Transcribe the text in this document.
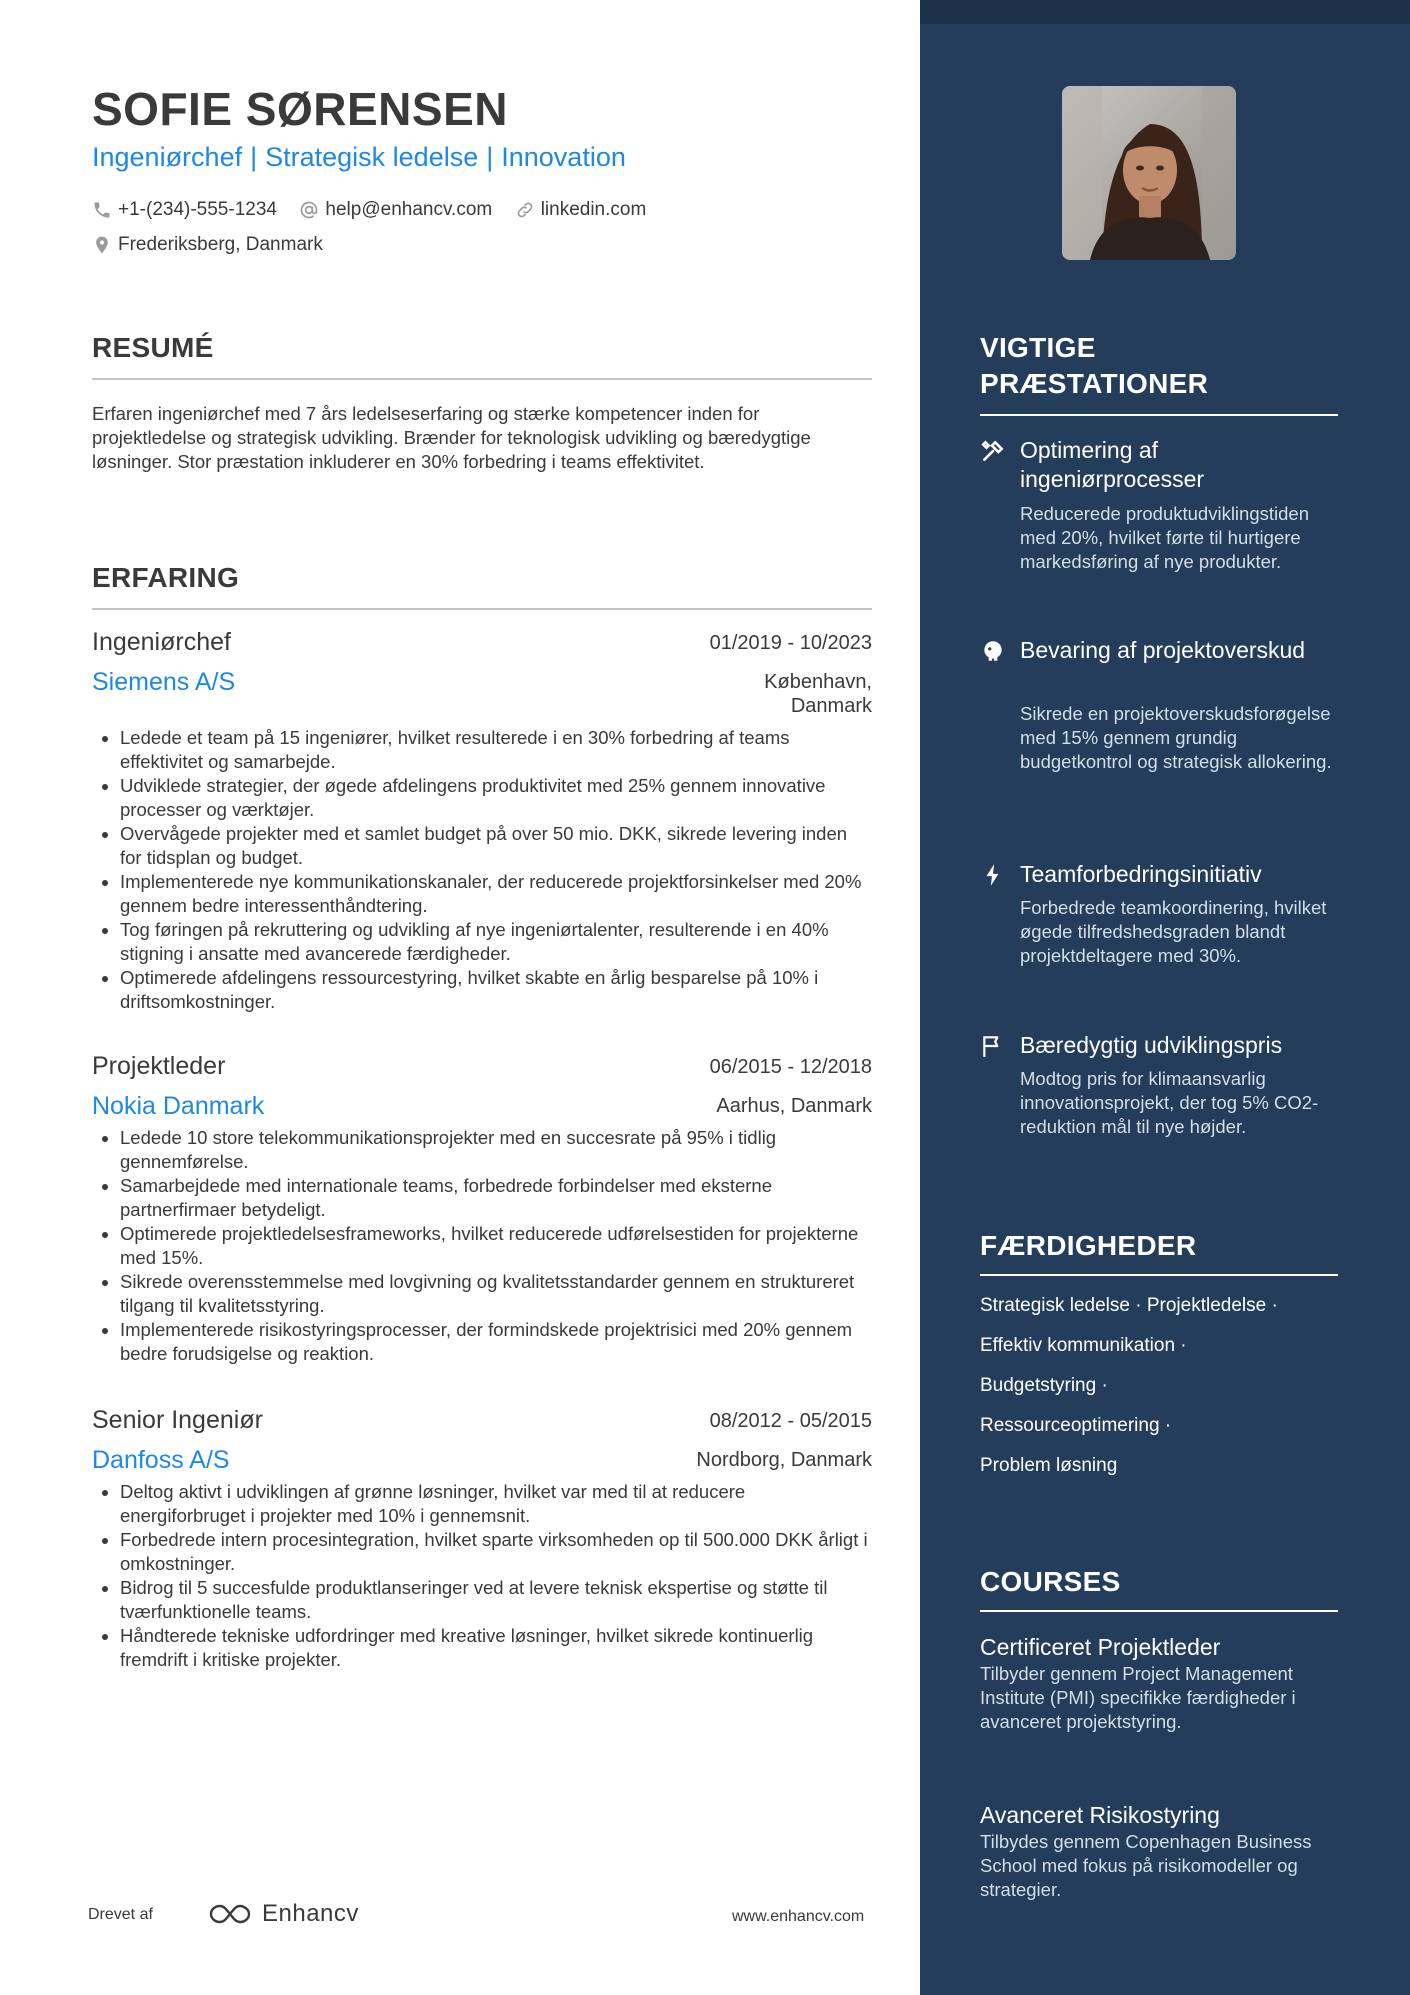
SOFIE SØRENSEN
Ingeniørchef | Strategisk ledelse | Innovation
+1-(234)-555-1234
	help@enhancv.com
	linkedin.com
Frederiksberg, Danmark
RESUMÉ

Erfaren ingeniørchef med 7 års ledelseserfaring og stærke kompetencer inden for projektledelse og strategisk udvikling. Brænder for teknologisk udvikling og bæredygtige løsninger. Stor præstation inkluderer en 30% forbedring i teams effektivitet.

ERFARING
Ingeniørchef	01/2019 - 10/2023
Siemens A/S	København,
Danmark
• Ledede et team på 15 ingeniører, hvilket resulterede i en 30% forbedring af teams effektivitet og samarbejde.
• Udviklede strategier, der øgede afdelingens produktivitet med 25% gennem innovative processer og værktøjer.
• Overvågede projekter med et samlet budget på over 50 mio. DKK, sikrede levering inden for tidsplan og budget.
• Implementerede nye kommunikationskanaler, der reducerede projektforsinkelser med 20% gennem bedre interessenthåndtering.
• Tog føringen på rekruttering og udvikling af nye ingeniørtalenter, resulterende i en 40% stigning i ansatte med avancerede færdigheder.
• Optimerede afdelingens ressourcestyring, hvilket skabte en årlig besparelse på 10% i driftsomkostninger.
Projektleder	06/2015 - 12/2018
Nokia Danmark	Aarhus, Danmark
• Ledede 10 store telekommunikationsprojekter med en succesrate på 95% i tidlig gennemførelse.
• Samarbejdede med internationale teams, forbedrede forbindelser med eksterne partnerfirmaer betydeligt.
• Optimerede projektledelsesframeworks, hvilket reducerede udførelsestiden for projekterne med 15%.
• Sikrede overensstemmelse med lovgivning og kvalitetsstandarder gennem en struktureret tilgang til kvalitetsstyring.
• Implementerede risikostyringsprocesser, der formindskede projektrisici med 20% gennem bedre forudsigelse og reaktion.
Senior Ingeniør	08/2012 - 05/2015
Danfoss A/S	Nordborg, Danmark
• Deltog aktivt i udviklingen af grønne løsninger, hvilket var med til at reducere energiforbruget i projekter med 10% i gennemsnit.
• Forbedrede intern procesintegration, hvilket sparte virksomheden op til 500.000 DKK årligt i omkostninger.
• Bidrog til 5 succesfulde produktlanseringer ved at levere teknisk ekspertise og støtte til tværfunktionelle teams.
• Håndterede tekniske udfordringer med kreative løsninger, hvilket sikrede kontinuerlig fremdrift i kritiske projekter.
Drevet af	Enhancv	www.enhancv.com
VIGTIGE
PRÆSTATIONER
Optimering af ingeniørprocesser
Reducerede produktudviklingstiden med 20%, hvilket førte til hurtigere markedsføring af nye produkter.
Bevaring af projektoverskud
Sikrede en projektoverskudsforøgelse med 15% gennem grundig budgetkontrol og strategisk allokering.
Teamforbedringsinitiativ
Forbedrede teamkoordinering, hvilket øgede tilfredshedsgraden blandt projektdeltagere med 30%.
Bæredygtig udviklingspris
Modtog pris for klimaansvarlig innovationsprojekt, der tog 5% CO2-reduktion mål til nye højder.
FÆRDIGHEDER
Strategisk ledelse · Projektledelse ·
Effektiv kommunikation ·
Budgetstyring ·
Ressourceoptimering ·
Problem løsning
COURSES
Certificeret Projektleder
Tilbyder gennem Project Management Institute (PMI) specifikke færdigheder i avanceret projektstyring.
Avanceret Risikostyring
Tilbydes gennem Copenhagen Business School med fokus på risikomodeller og strategier.
